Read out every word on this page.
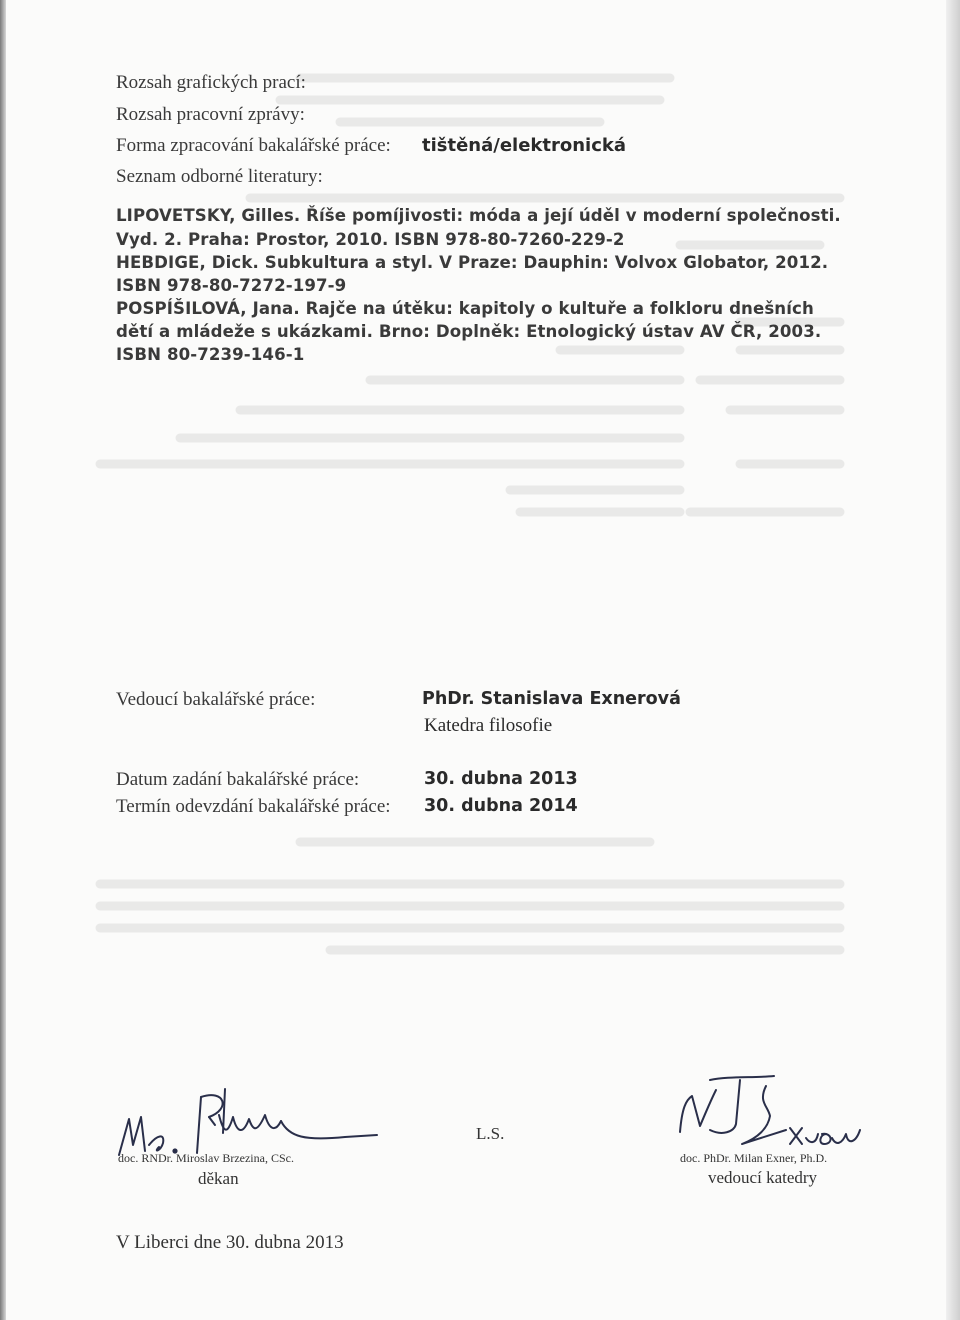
Rozsah grafických prací:
Rozsah pracovní zprávy:
Forma zpracování bakalářské práce: tištěná/elektronická
Seznam odborné literatury:
LIPOVETSKY, Gilles. Říše pomíjivosti: móda a její úděl v moderní společnosti.
Vyd. 2. Praha: Prostor, 2010. ISBN 978-80-7260-229-2
HEBDIGE, Dick. Subkultura a styl. V Praze: Dauphin: Volvox Globator, 2012.
ISBN 978-80-7272-197-9
POSPÍŠILOVÁ, Jana. Rajče na útěku: kapitoly o kultuře a folkloru dnešních
dětí a mládeže s ukázkami. Brno: Doplněk: Etnologický ústav AV ČR, 2003.
ISBN 80-7239-146-1
Vedoucí bakalářské práce:	PhDr. Stanislava Exnerová
Katedra filosofie
Datum zadání bakalářské práce:	30. dubna 2013
Termín odevzdání bakalářské práce: 30. dubna 2014
doc. RNDr. Miroslav Brzezina, CSc.
děkan
L.S.
doc. PhDr. Milan Exner, Ph.D.
vedoucí katedry
V Liberci dne 30. dubna 2013
